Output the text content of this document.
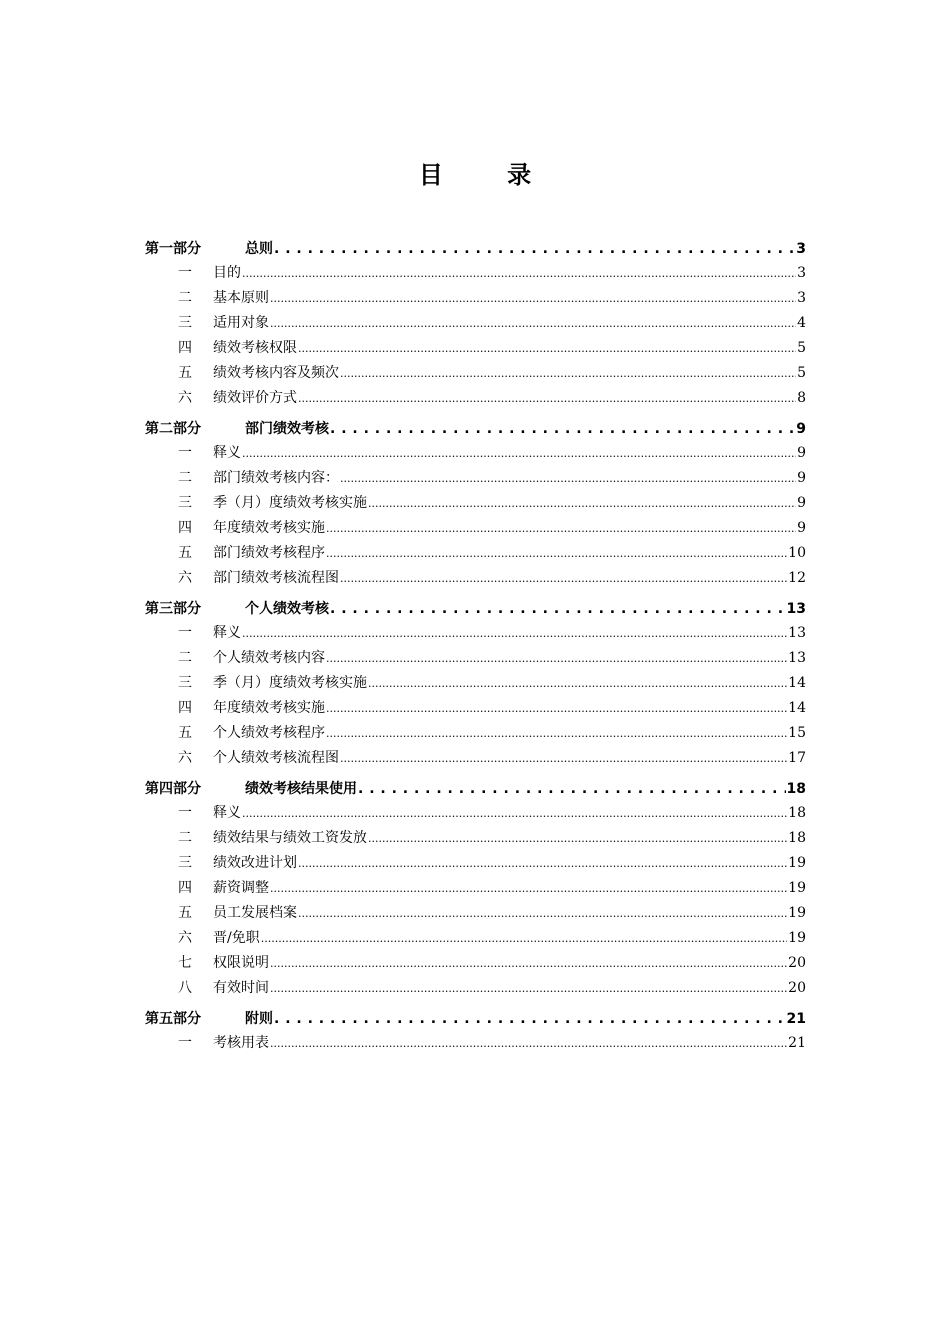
目 录
第一部分	总则 . . .	3
一	目的 .....	3
二	基本原则 .....	3
三	适用对象 .....	4
四	绩效考核权限 .....	5
五	绩效考核内容及频次 .....	5
六	绩效评价方式 .....	8
第二部分	部门绩效考核 . . .	9
一	释义 .....	9
二	部门绩效考核内容： .....	9
三	季（月）度绩效考核实施 .....	9
四	年度绩效考核实施 .....	9
五	部门绩效考核程序 .....	10
六	部门绩效考核流程图 .....	12
第三部分	个人绩效考核 . . .	13
一	释义 .....	13
二	个人绩效考核内容 .....	13
三	季（月）度绩效考核实施 .....	14
四	年度绩效考核实施 .....	14
五	个人绩效考核程序 .....	15
六	个人绩效考核流程图 .....	17
第四部分	绩效考核结果使用 . . .	18
一	释义 .....	18
二	绩效结果与绩效工资发放 .....	18
三	绩效改进计划 .....	19
四	薪资调整 .....	19
五	员工发展档案 .....	19
六	晋/免职 .....	19
七	权限说明 .....	20
八	有效时间 .....	20
第五部分	附则 . . .	21
一	考核用表 .....	21
